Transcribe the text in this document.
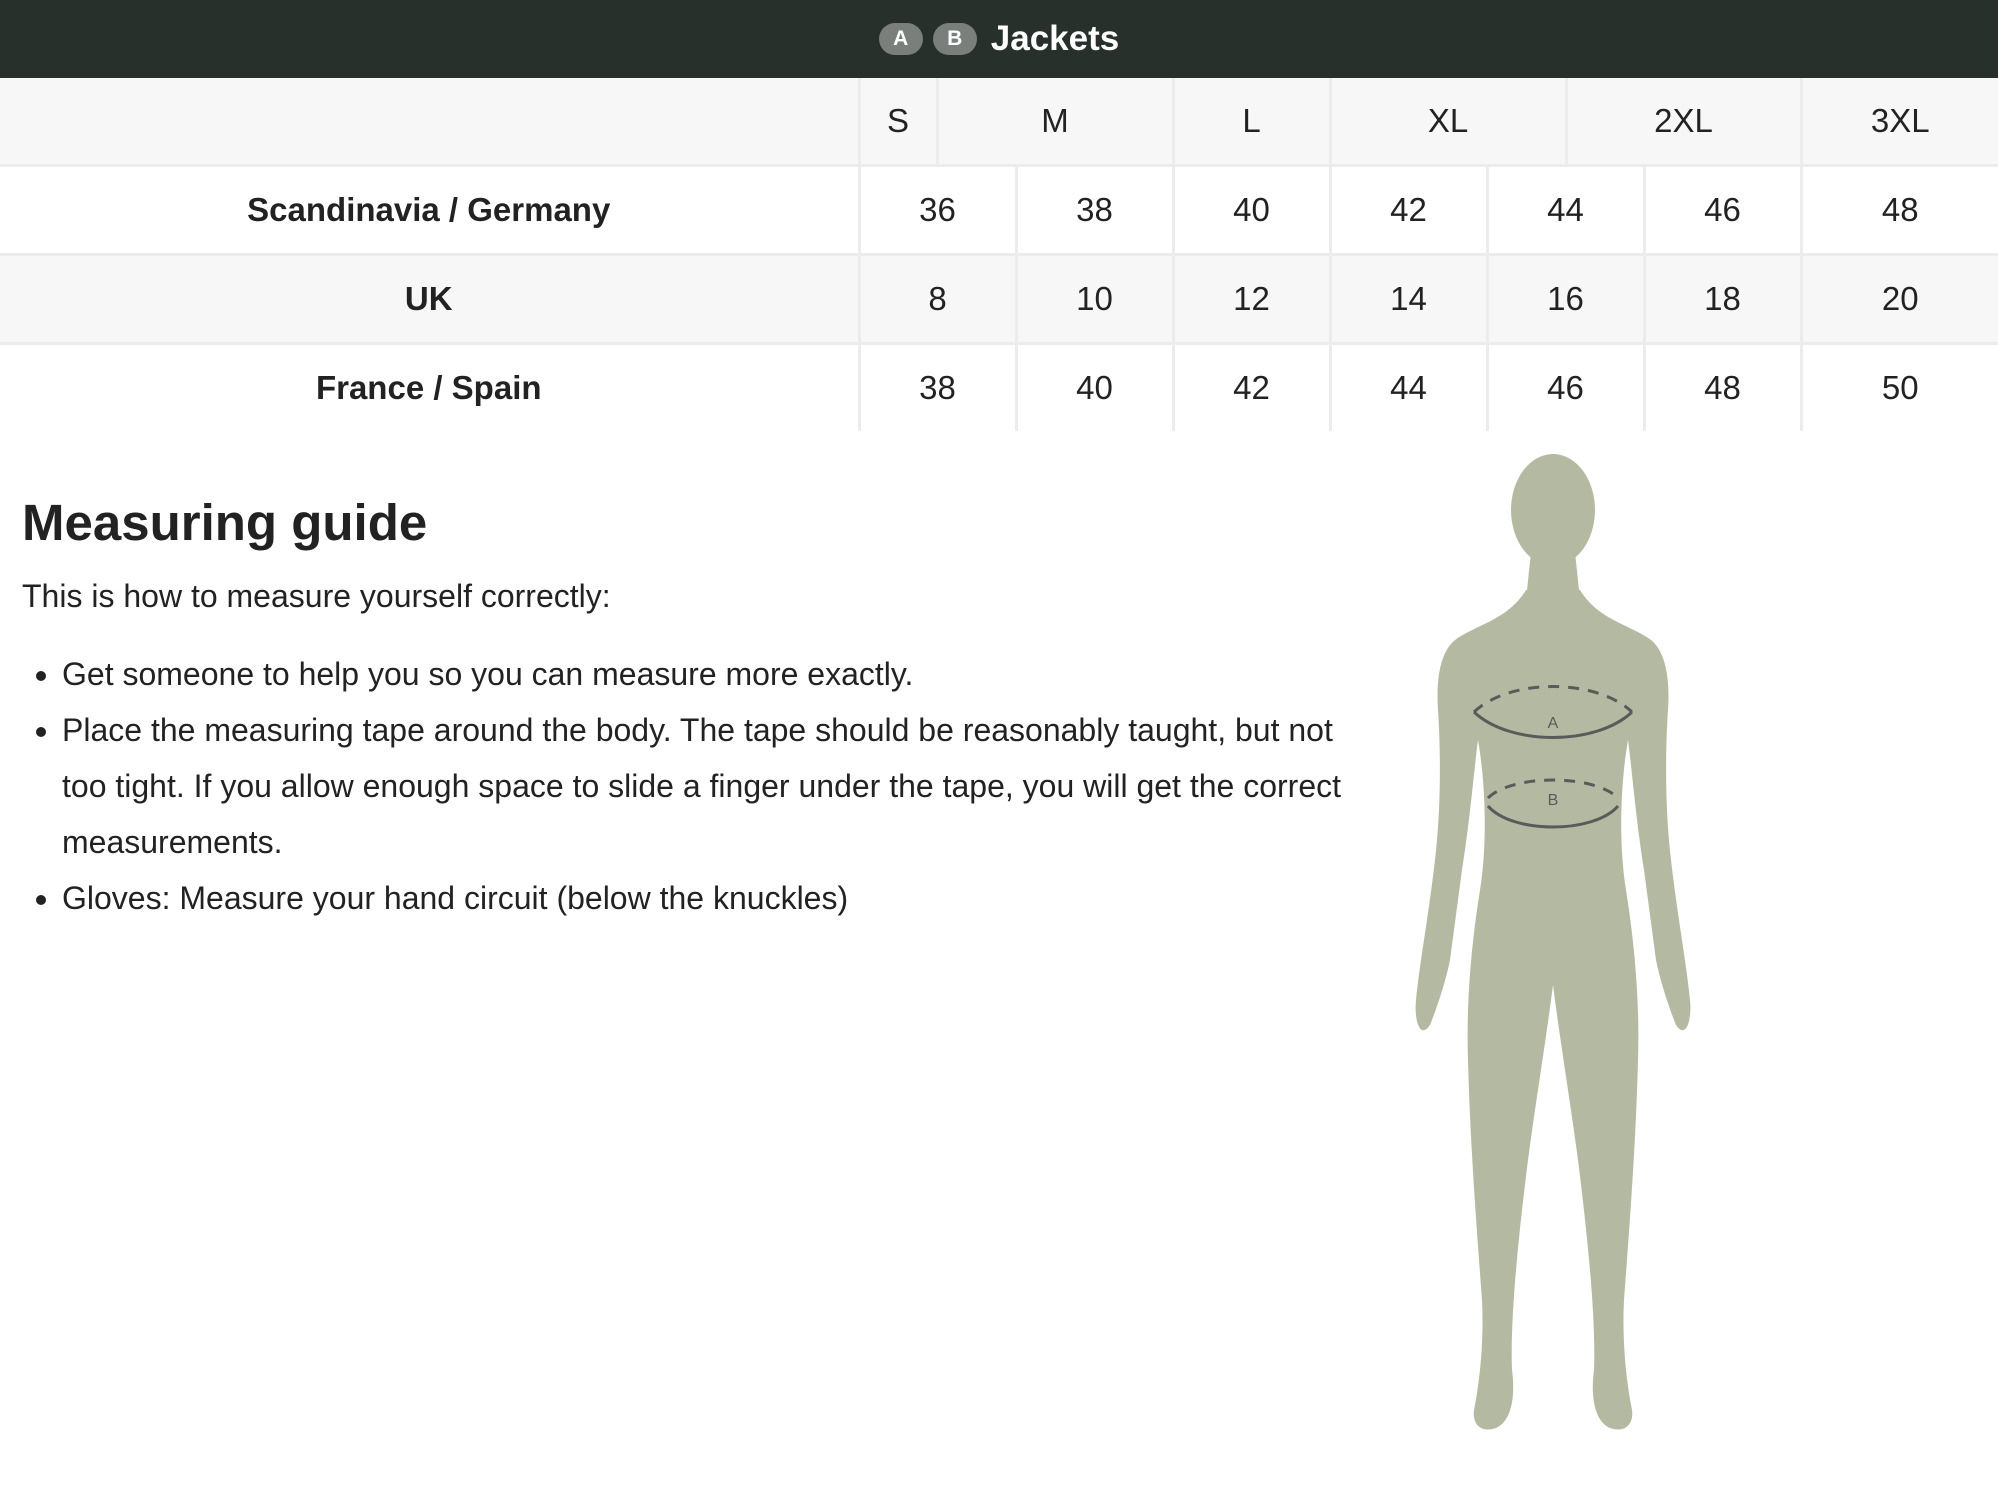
A	B Jackets
	S	M		L	XL		2XL		3XL
Scandinavia / Germany	36		38	40	42	44		46	48
UK	8		10	12	14	16		18	20
France / Spain	38		40	42	44	46		48	50
Measuring guide

This is how to measure yourself correctly:

• Get someone to help you so you can measure more exactly.
• Place the measuring tape around the body. The tape should be reasonably taught, but not too tight. If you allow enough space to slide a finger under the tape, you will get the correct measurements.
• Gloves: Measure your hand circuit (below the knuckles)
A
B
